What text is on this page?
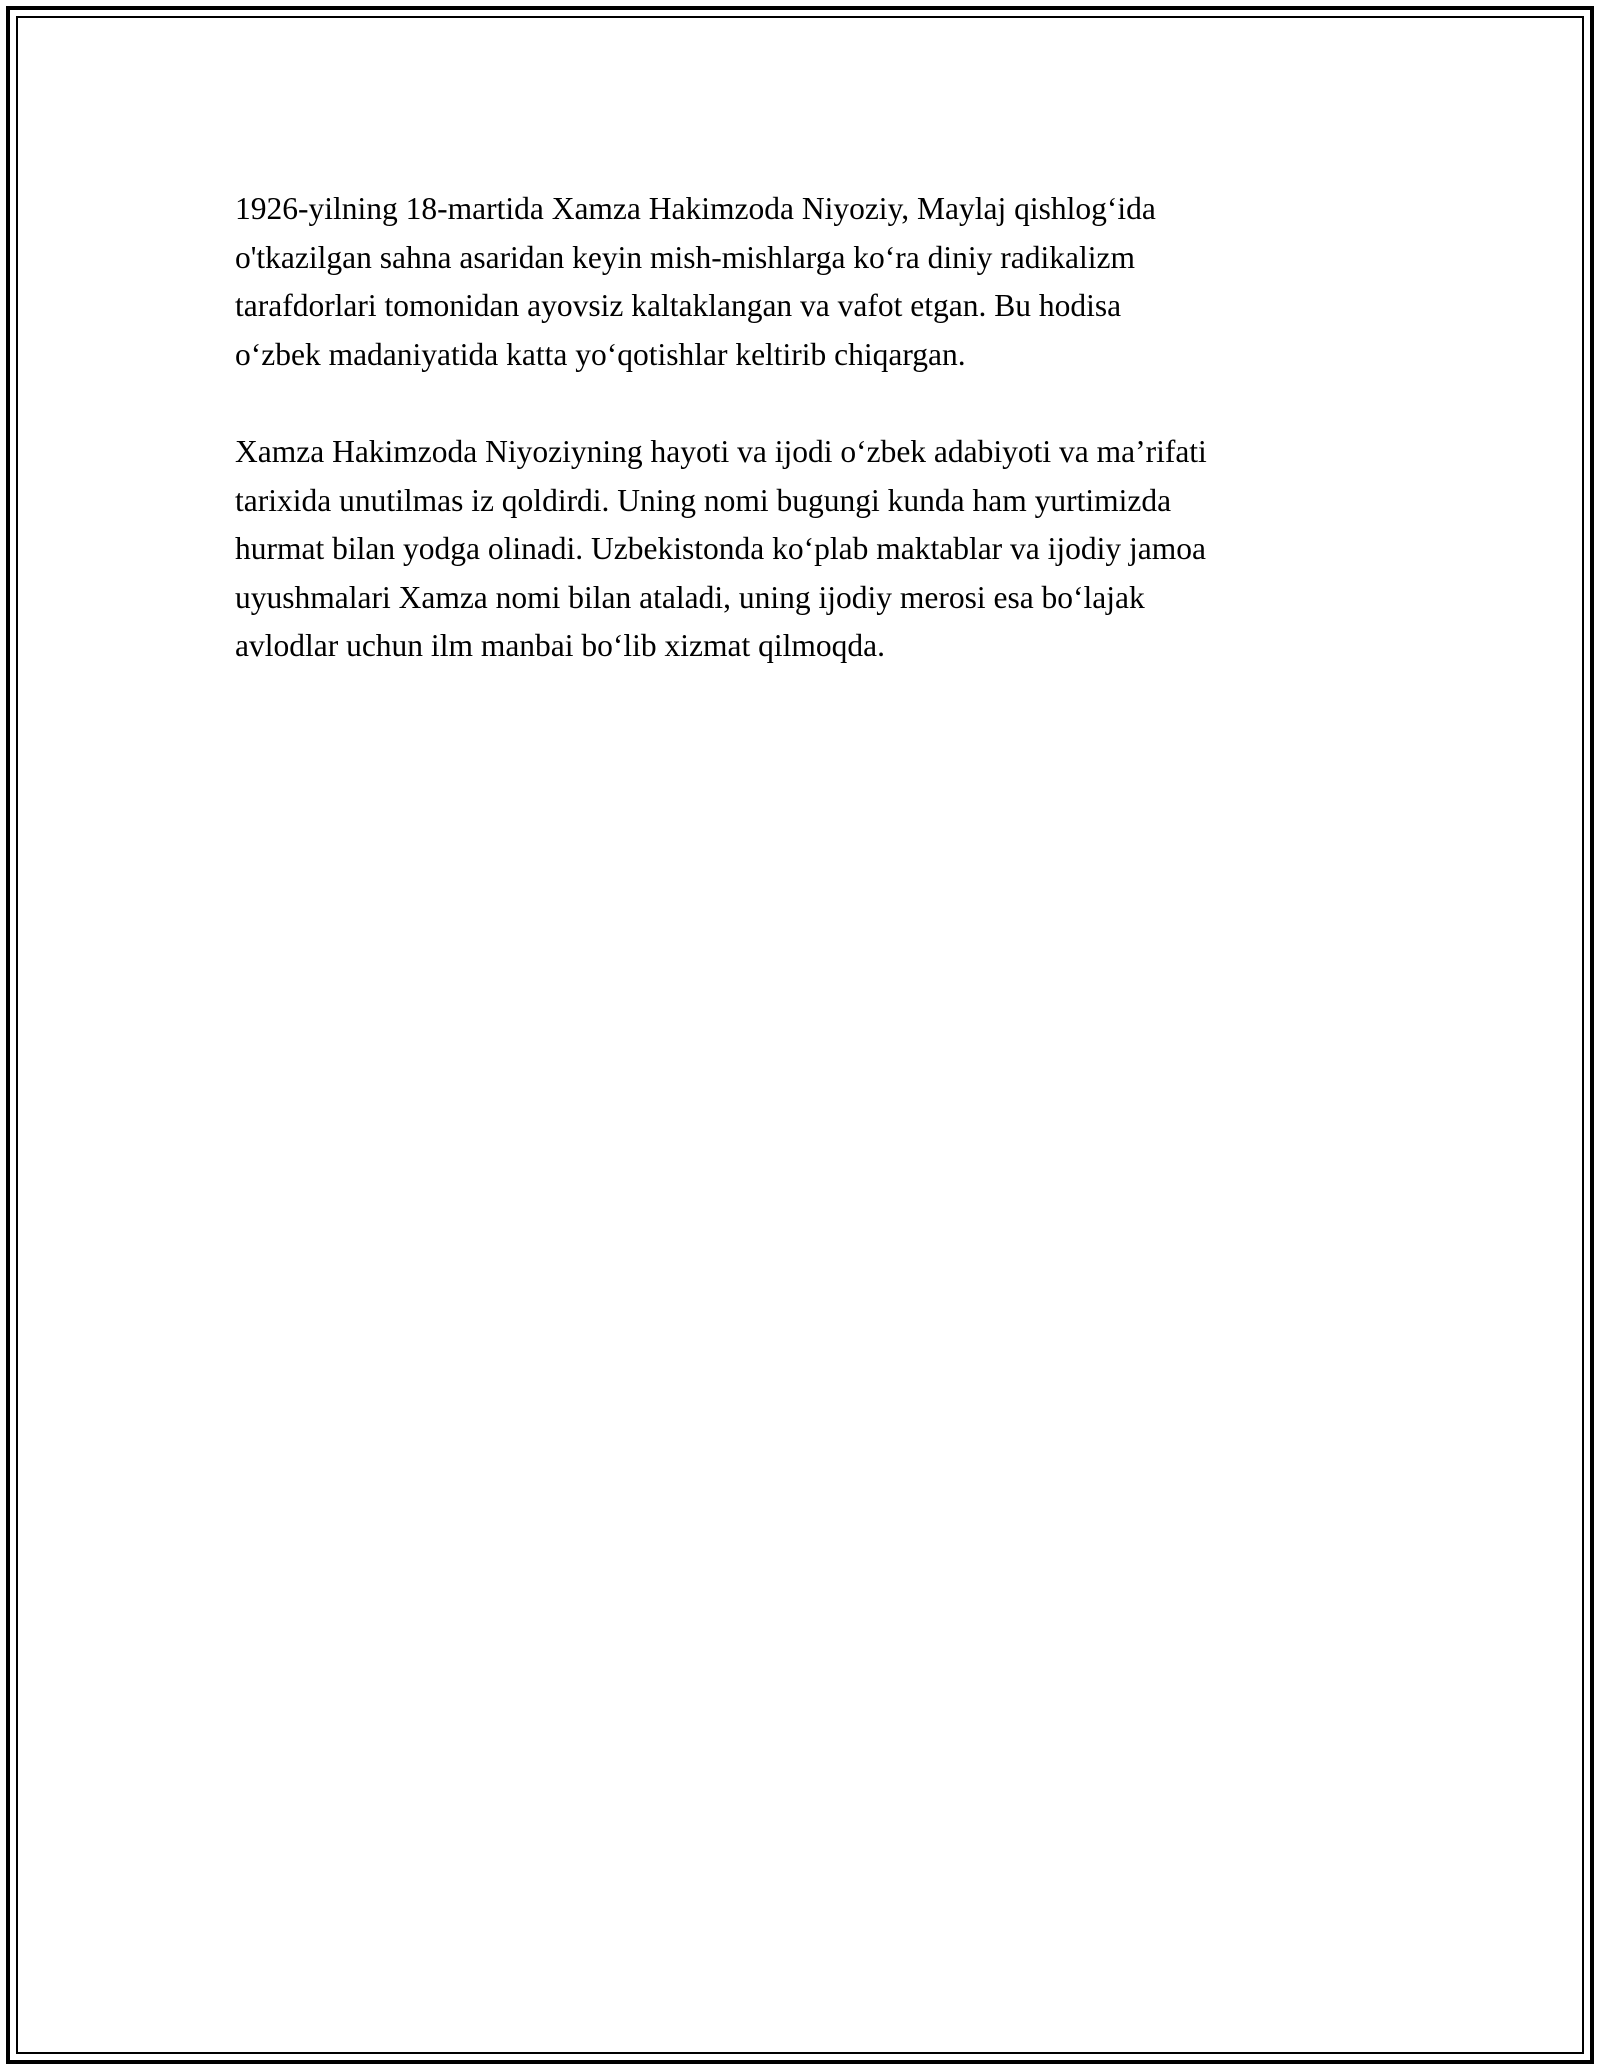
1926-yilning 18-martida Xamza Hakimzoda Niyoziy, Maylaj qishlog‘ida
o'tkazilgan sahna asaridan keyin mish-mishlarga ko‘ra diniy radikalizm
tarafdorlari tomonidan ayovsiz kaltaklangan va vafot etgan. Bu hodisa
o‘zbek madaniyatida katta yo‘qotishlar keltirib chiqargan.

Xamza Hakimzoda Niyoziyning hayoti va ijodi o‘zbek adabiyoti va ma’rifati
tarixida unutilmas iz qoldirdi. Uning nomi bugungi kunda ham yurtimizda
hurmat bilan yodga olinadi. Uzbekistonda ko‘plab maktablar va ijodiy jamoa
uyushmalari Xamza nomi bilan ataladi, uning ijodiy merosi esa bo‘lajak
avlodlar uchun ilm manbai bo‘lib xizmat qilmoqda.
